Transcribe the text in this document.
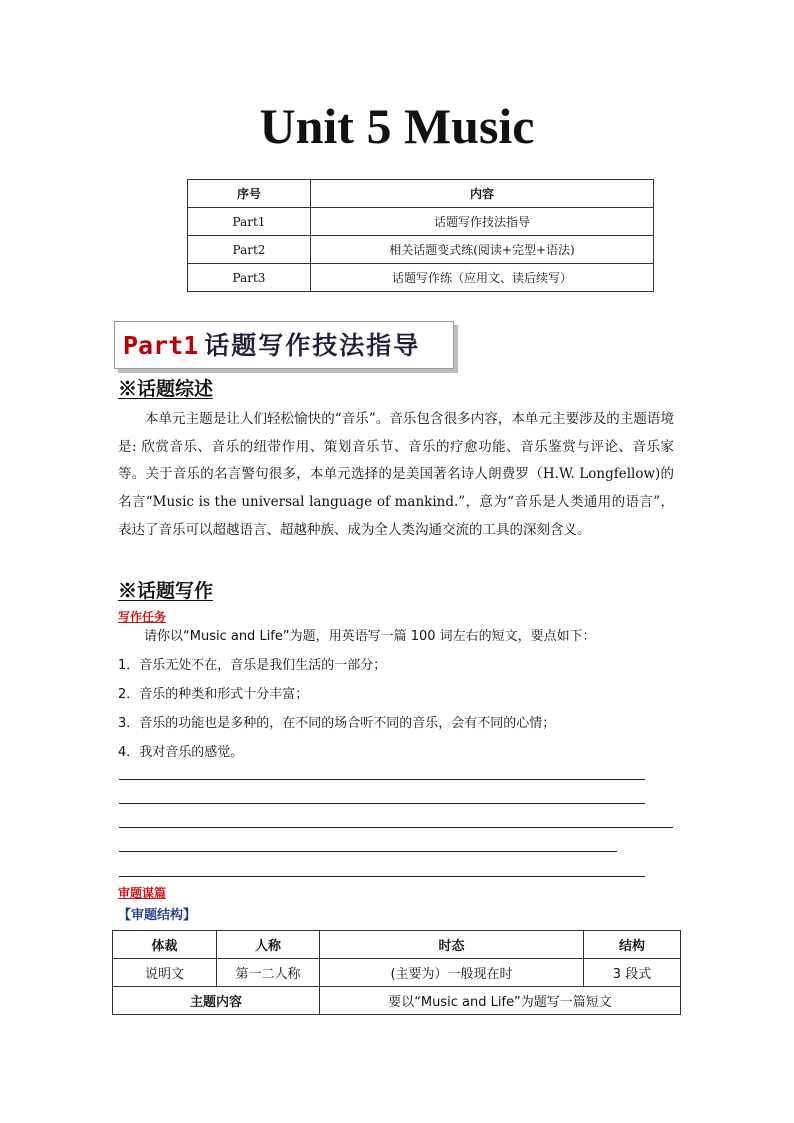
Unit 5 Music
序号	内容
Part1	话题写作技法指导
Part2	相关话题变式练(阅读+完型+语法)
Part3	话题写作练（应用文、读后续写）
Part1 话题写作技法指导
※话题综述

本单元主题是让人们轻松愉快的“音乐”。音乐包含很多内容，本单元主要涉及的主题语境 是: 欣赏音乐、音乐的纽带作用、策划音乐节、音乐的疗愈功能、音乐鉴赏与评论、音乐家等。关于音乐的名言警句很多，本单元选择的是美国著名诗人朗费罗（H.W. Longfellow)的名言“Music is the universal language of mankind.”，意为“音乐是人类通用的语言”，表达了音乐可以超越语言、超越种族、成为全人类沟通交流的工具的深刻含义。

※话题写作
写作任务

请你以“Music and Life”为题，用英语写一篇 100 词左右的短文，要点如下：

1．音乐无处不在，音乐是我们生活的一部分；

2．音乐的种类和形式十分丰富；

3．音乐的功能也是多种的，在不同的场合听不同的音乐，会有不同的心情；

4．我对音乐的感觉。

审题谋篇
【审题结构】
体裁	人称	时态	结构
说明文	第一二人称	(主要为）一般现在时	3 段式
主题内容		要以“Music and Life”为题写一篇短文	
